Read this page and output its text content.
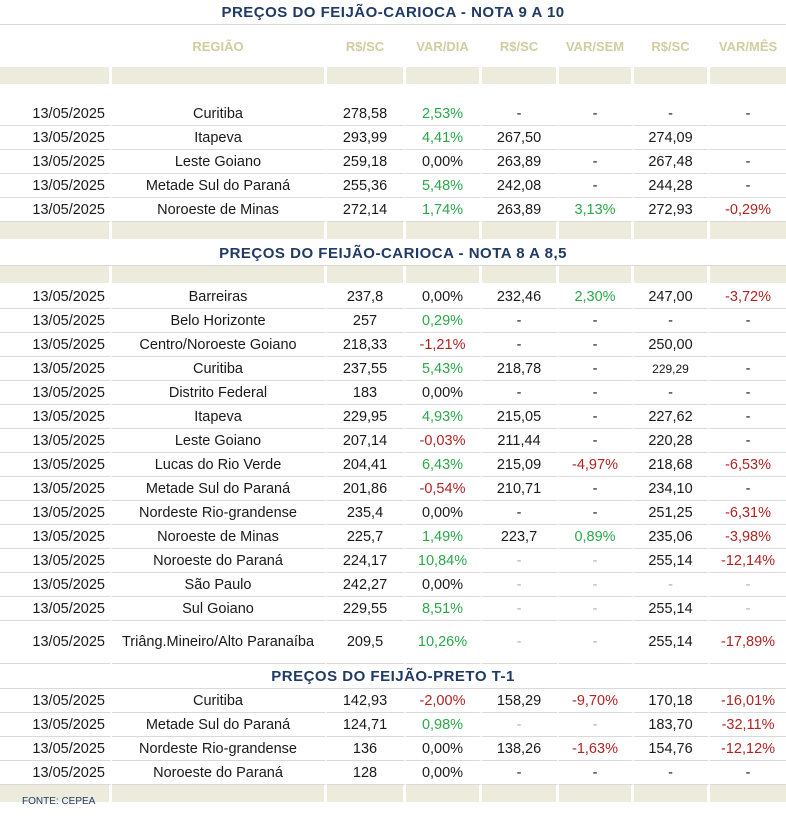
PREÇOS DO FEIJÃO-CARIOCA - NOTA 9 A 10							
	REGIÃO	R$/SC	VAR/DIA	R$/SC	VAR/SEM	R$/SC	VAR/MÊS

13/05/2025	Curitiba	278,58	2,53%	-	-	-	-
13/05/2025	Itapeva	293,99	4,41%	267,50		274,09	
13/05/2025	Leste Goiano	259,18	0,00%	263,89	-	267,48	-
13/05/2025	Metade Sul do Paraná	255,36	5,48%	242,08	-	244,28	-
13/05/2025	Noroeste de Minas	272,14	1,74%	263,89	3,13%	272,93	-0,29%

PREÇOS DO FEIJÃO-CARIOCA - NOTA 8 A 8,5							

13/05/2025	Barreiras	237,8	0,00%	232,46	2,30%	247,00	-3,72%
13/05/2025	Belo Horizonte	257	0,29%	-	-	-	-
13/05/2025	Centro/Noroeste Goiano	218,33	-1,21%	-	-	250,00	
13/05/2025	Curitiba	237,55	5,43%	218,78	-	229,29	-
13/05/2025	Distrito Federal	183	0,00%	-	-	-	-
13/05/2025	Itapeva	229,95	4,93%	215,05	-	227,62	-
13/05/2025	Leste Goiano	207,14	-0,03%	211,44	-	220,28	-
13/05/2025	Lucas do Rio Verde	204,41	6,43%	215,09	-4,97%	218,68	-6,53%
13/05/2025	Metade Sul do Paraná	201,86	-0,54%	210,71	-	234,10	-
13/05/2025	Nordeste Rio-grandense	235,4	0,00%	-	-	251,25	-6,31%
13/05/2025	Noroeste de Minas	225,7	1,49%	223,7	0,89%	235,06	-3,98%
13/05/2025	Noroeste do Paraná	224,17	10,84%	-	-	255,14	-12,14%
13/05/2025	São Paulo	242,27	0,00%	-	-	-	-
13/05/2025	Sul Goiano	229,55	8,51%	-	-	255,14	-
13/05/2025	Triâng.Mineiro/Alto Paranaíba	209,5	10,26%	-	-	255,14	-17,89%
PREÇOS DO FEIJÃO-PRETO T-1							
13/05/2025	Curitiba	142,93	-2,00%	158,29	-9,70%	170,18	-16,01%
13/05/2025	Metade Sul do Paraná	124,71	0,98%	-	-	183,70	-32,11%
13/05/2025	Nordeste Rio-grandense	136	0,00%	138,26	-1,63%	154,76	-12,12%
13/05/2025	Noroeste do Paraná	128	0,00%	-	-	-	-

FONTE: CEPEA
